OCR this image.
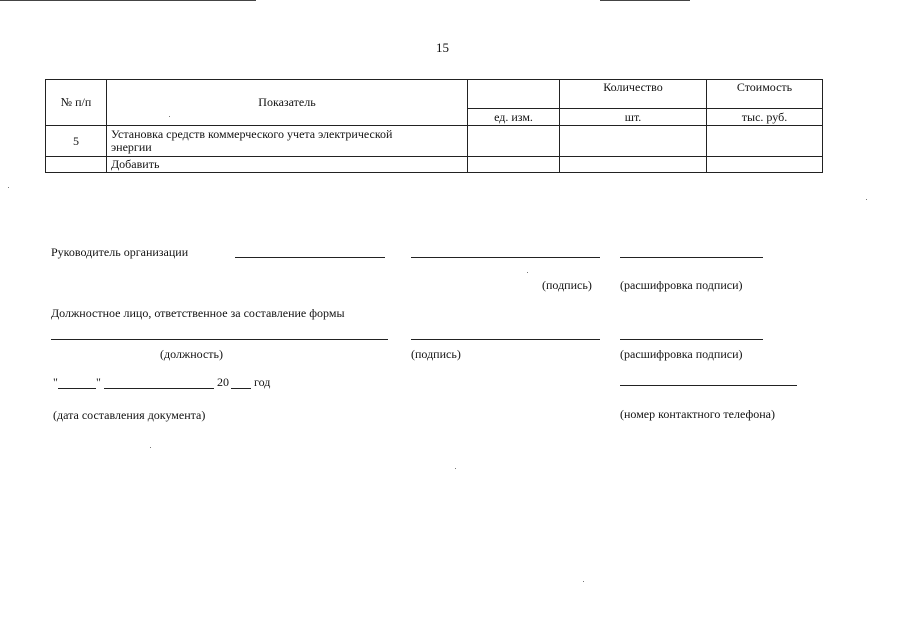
15
№ п/п	Показатель		Количество	Стоимость
		ед. изм.	шт.	тыс. руб.
5	Установка средств коммерческого учета электрической энергии			
	Добавить			
Руководитель организации
(подпись) (расшифровка подписи)
Должностное лицо, ответственное за составление формы
(должность)	(подпись)	(расшифровка подписи)
"	"	20 год
(дата составления документа)	(номер контактного телефона)
